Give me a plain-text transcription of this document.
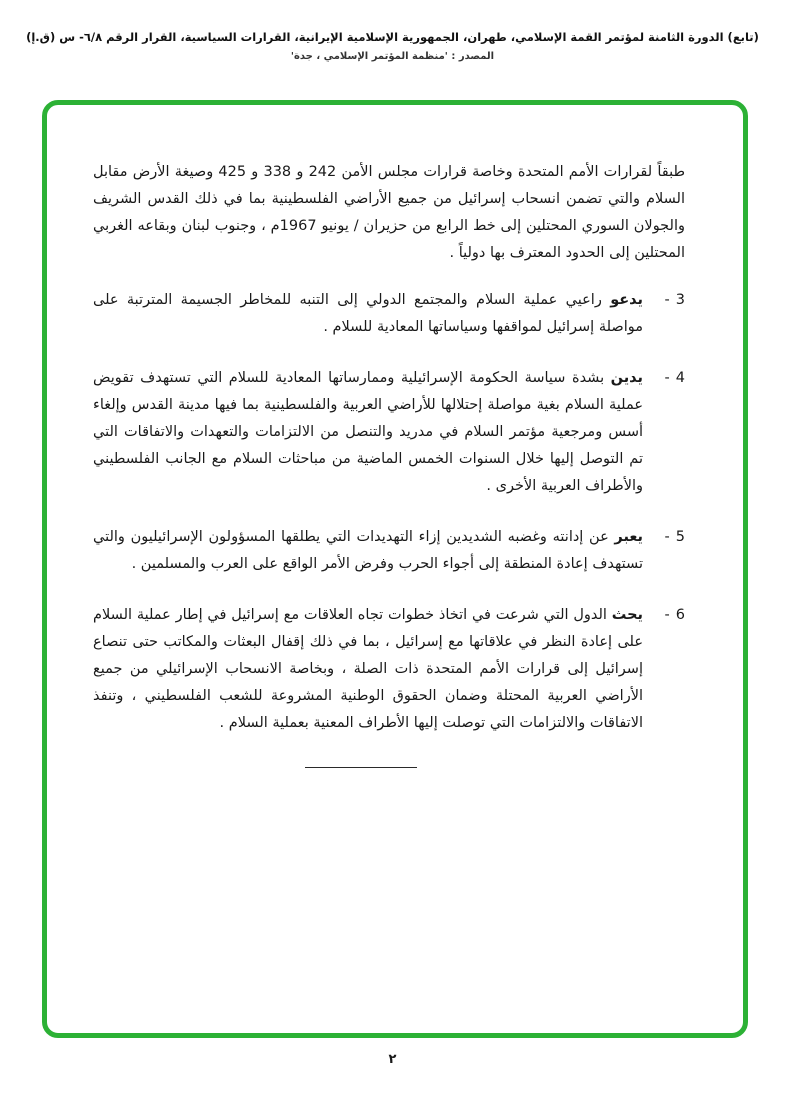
(تابع) الدورة الثامنة لمؤتمر القمة الإسلامي، طهران، الجمهورية الإسلامية الإيرانية، القرارات السياسية، القرار الرقم ٦/٨- س (ق.إ)
المصدر : 'منظمة المؤتمر الإسلامي ، جدة'

طبقاً لقرارات الأمم المتحدة وخاصة قرارات مجلس الأمن 242 و 338 و 425 وصيغة الأرض مقابل السلام والتي تضمن انسحاب إسرائيل من جميع الأراضي الفلسطينية بما في ذلك القدس الشريف والجولان السوري المحتلين إلى خط الرابع من حزيران / يونيو 1967م ، وجنوب لبنان وبقاعه الغربي المحتلين إلى الحدود المعترف بها دولياً .

3-

يدعو راعيي عملية السلام والمجتمع الدولي إلى التنبه للمخاطر الجسيمة المترتبة على مواصلة إسرائيل لمواقفها وسياساتها المعادية للسلام .

4-

يدين بشدة سياسة الحكومة الإسرائيلية وممارساتها المعادية للسلام التي تستهدف تقويض عملية السلام بغية مواصلة إحتلالها للأراضي العربية والفلسطينية بما فيها مدينة القدس وإلغاء أسس ومرجعية مؤتمر السلام في مدريد والتنصل من الالتزامات والتعهدات والاتفاقات التي تم التوصل إليها خلال السنوات الخمس الماضية من مباحثات السلام مع الجانب الفلسطيني والأطراف العربية الأخرى .

5-

يعبر عن إدانته وغضبه الشديدين إزاء التهديدات التي يطلقها المسؤولون الإسرائيليون والتي تستهدف إعادة المنطقة إلى أجواء الحرب وفرض الأمر الواقع على العرب والمسلمين .

6-

يحث الدول التي شرعت في اتخاذ خطوات تجاه العلاقات مع إسرائيل في إطار عملية السلام على إعادة النظر في علاقاتها مع إسرائيل ، بما في ذلك إقفال البعثات والمكاتب حتى تنصاع إسرائيل إلى قرارات الأمم المتحدة ذات الصلة ، وبخاصة الانسحاب الإسرائيلي من جميع الأراضي العربية المحتلة وضمان الحقوق الوطنية المشروعة للشعب الفلسطيني ، وتنفذ الاتفاقات والالتزامات التي توصلت إليها الأطراف المعنية بعملية السلام .

٢
